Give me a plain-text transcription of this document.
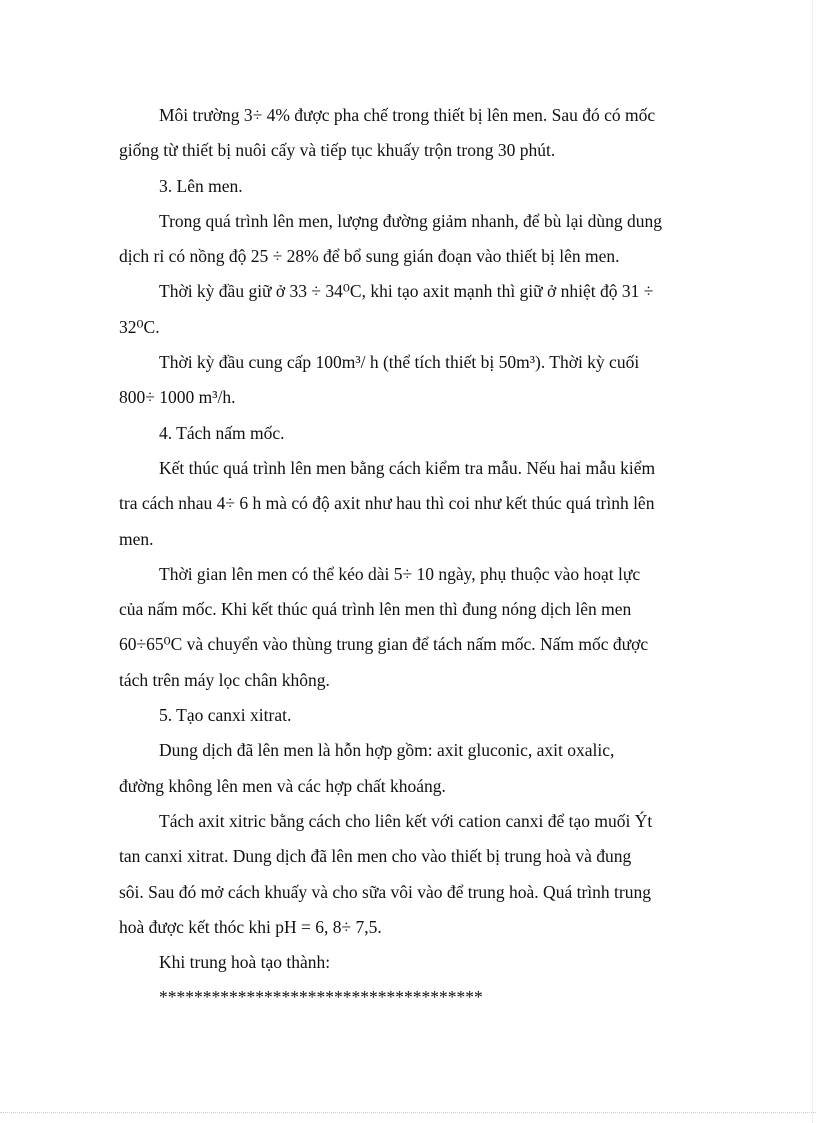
Môi trường 3÷ 4% được pha chế trong thiết bị lên men. Sau đó có mốc
giống từ thiết bị nuôi cấy và tiếp tục khuấy trộn trong 30 phút.
3. Lên men.
Trong quá trình lên men, lượng đường giảm nhanh, để bù lại dùng dung
dịch rỉ có nồng độ 25 ÷ 28% để bổ sung gián đoạn vào thiết bị lên men.
Thời kỳ đầu giữ ở 33 ÷ 34⁰C, khi tạo axit mạnh thì giữ ở nhiệt độ 31 ÷
32⁰C.
Thời kỳ đầu cung cấp 100m³/ h (thể tích thiết bị 50m³). Thời kỳ cuối
800÷ 1000 m³/h.
4. Tách nấm mốc.
Kết thúc quá trình lên men bằng cách kiểm tra mẫu. Nếu hai mẫu kiểm
tra cách nhau 4÷ 6 h mà có độ axit như hau thì coi như kết thúc quá trình lên
men.
Thời gian lên men có thể kéo dài 5÷ 10 ngày, phụ thuộc vào hoạt lực
của nấm mốc. Khi kết thúc quá trình lên men thì đung nóng dịch lên men
60÷65⁰C và chuyển vào thùng trung gian để tách nấm mốc. Nấm mốc được
tách trên máy lọc chân không.
5. Tạo canxi xitrat.
Dung dịch đã lên men là hỗn hợp gồm: axit gluconic, axit oxalic,
đường không lên men và các hợp chất khoáng.
Tách axit xitric bằng cách cho liên kết với cation canxi để tạo muối Ýt
tan canxi xitrat. Dung dịch đã lên men cho vào thiết bị trung hoà và đung
sôi. Sau đó mở cách khuấy và cho sữa vôi vào để trung hoà. Quá trình trung
hoà được kết thóc khi pH = 6, 8÷ 7,5.
Khi trung hoà tạo thành:
*************************************
